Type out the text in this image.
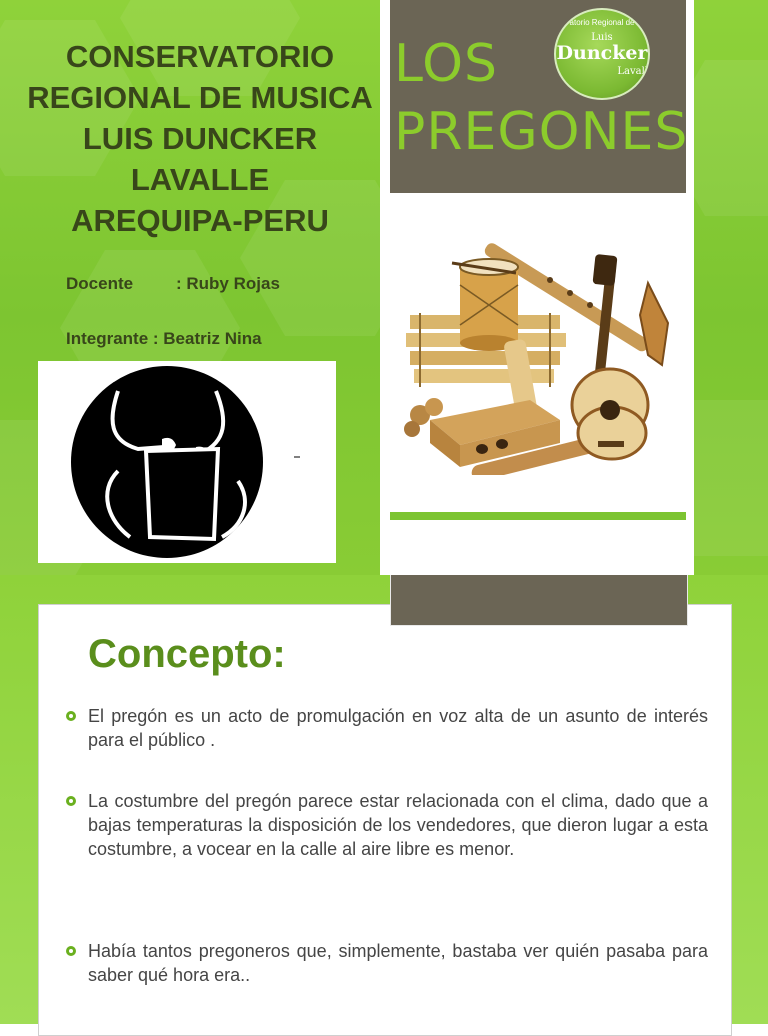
LOS
PREGONES
atorio Regional de
Luis
Duncker
Lavall
CONSERVATORIO
REGIONAL DE MUSICA
LUIS DUNCKER
LAVALLE
AREQUIPA-PERU
Docente	: Ruby Rojas
Integrante : Beatriz Nina
Concepto:

El pregón es un acto de promulgación en voz alta de un asunto de interés para el público .

La costumbre del pregón parece estar relacionada con el clima, dado que a bajas temperaturas la disposición de los vendedores, que dieron lugar a esta costumbre, a vocear en la calle al aire libre es menor.

Había tantos pregoneros que, simplemente, bastaba ver quién pasaba para saber qué hora era..
